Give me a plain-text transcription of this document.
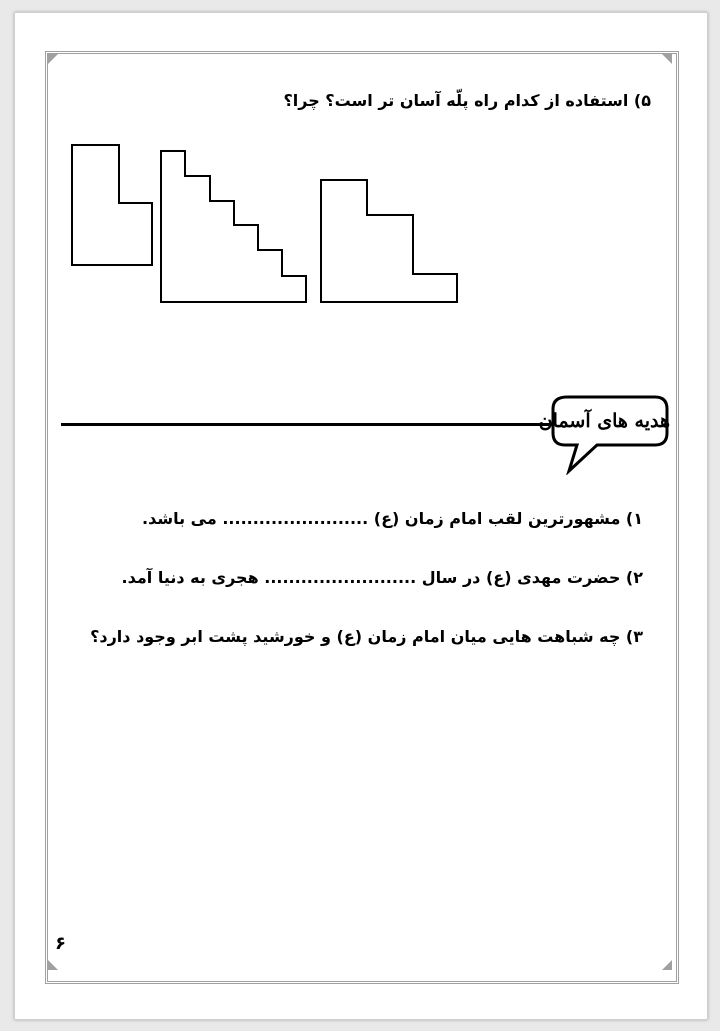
۵) استفاده از کدام راه پلّه آسان تر است؟ چرا؟
هدیه های آسمان
۱) مشهورترین لقب امام زمان (ع) ........................ می باشد.
۲) حضرت مهدی (ع) در سال ......................... هجری به دنیا آمد.
۳) چه شباهت هایی میان امام زمان (ع) و خورشید پشت ابر وجود دارد؟
۶
